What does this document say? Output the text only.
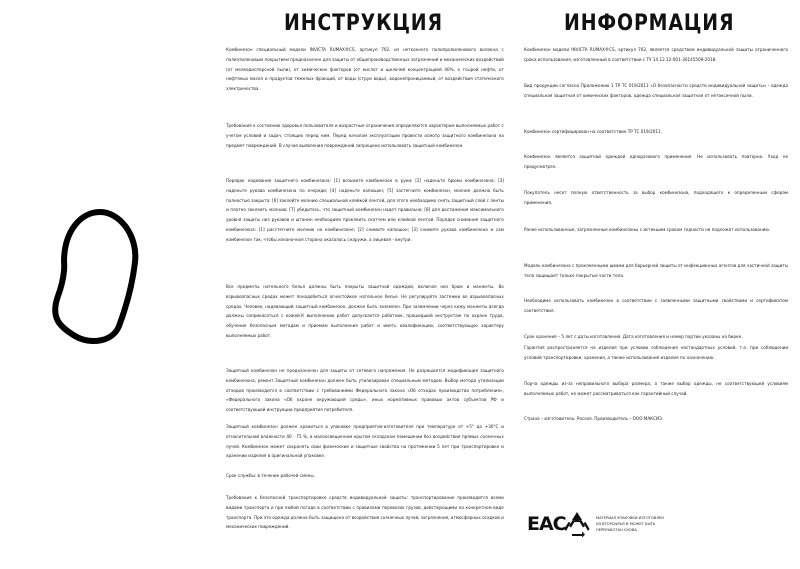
ИНСТРУКЦИЯ

Комбинезон специальный модели INVICTA RUMAX®CS, артикул 702, из нетканного полипропиленового волокна с полиэтиленовым покрытием предназначен для защиты от общепроизводственных загрязнений и механических воздействий (от мелкодисперсной пыли), от химических факторов (от кислот и щелочей концентрацией 40%, о тсырой нефти, от нефтяных масел и продуктов тяжелых фракций, от воды (струи воды), водонепроницаемый, от воздействия статического электричества.

Требования к состоянию здоровья пользователя и возрастные ограничения определяются характером выполняемых работ с учетом условий и задач, стоящих перед ним. Перед началом эксплуатации провести осмотр защитного комбинезона на предмет повреждений. В случае выявления повреждений запрещено использовать защитный комбинезон.

Порядок надевания защитного комбинезона: [1] возьмите комбинезон в руки; [2] наденьте брюки комбинезона; [3] наденьте рукава комбинезона по очереди; [4] наденьте капюшон; [5] застегните комбинезон, молния должна быть полностью закрыта; [6] заклейте молнию специальной клейкой лентой, для этого необходимо снять защитный слой с ленты и плотно заклеить молнию; [7] убедитесь, что защитный комбинезон надет правильно; [8] для достижения максимального уровня защиты низ рукавов и штанин необходимо проклеить скотчем или клейкой лентой. Порядок снимания защитного комбинезона: [1] расстегните молнию на комбинезоне; [2] снимите капюшон; [3] снимите рукава комбинезона и сам комбинезон так, чтобы изнаночная сторона оказалась снаружи, а лицевая - внутри.

Все предметы нательного белья должны быть покрыты защитной одеждой, включая низ брюк и манжеты. Во взрывоопасных средах может понадобиться огнестойкое нательное белье. Не регулируйте застежки во взрывоопасных средах. Человек, надевающий защитный комбинезон, должен быть заземлен. При заземлении через кожу манжеты всегда должны соприкасаться с кожей.К выполнению работ допускается работник, прошедший инструктаж по охране труда, обучение безопасным методам и приемам выполнения работ и иметь квалификацию, соответствующую характеру выполняемых работ.

Защитный комбинезон не предназначен для защиты от сетевого напряжения. Не разрешается модификация защитного комбинезона, ремонт.Защитный комбинезон должен быть утилизирован специальным методом. Выбор метода утилизации отходов производится в соответствии с требованиями Федерального закона «Об отходах производства потребления», «Федерального закона «Об охране окружающей среды», иных нормативных правовых актов субъектов РФ и соответствующей инструкции предприятия потребителя.

Защитный комбинезон должен храниться в упаковке предприятия-изготовителя при температуре от +5° до +30°С и относительной влажности 40 - 75 %, в малоосвещенном крытом складском помещении без воздействия прямых солнечных лучей. Комбинезон может сохранять свои физические и защитные свойства на протяжении 5 лет при транспортировке и хранении изделия в оригинальной упаковке.

Срок службы: в течение рабочей смены.

Требования к безопасной транспортировке средств индивидуальной защиты: транспортирование производится всеми видами транспорта и при любой погоде в соответствии с правилами перевозок грузов, действующими на конкретном виде транспорта. При это одежда должна быть защищена от воздействия солнечных лучей, загрязнения, атмосферных осадков и механических повреждений.

ИНФОРМАЦИЯ

Комбинезон модели INVICTA RUMAX®CS, артикул 702, является средством индивидуальной защиты ограниченного срока использования, изготовленный в соответствии с ТУ 14.12.12-001-30145509-2018.

Вид продукции согласно Приложению 1 ТР ТС 019/2011 «О безопасности средств индивидуальной защиты» - одежда специальная защитная от химических факторов, одежда специальная защитная от нетоксичной пыли.

Комбинезон сертифицирован на соответствие ТР ТС 019/2011.

Комбинезон является защитной одеждой одноразового применения. Не использовать повторно. Уход не предусмотрен.

Покупатель несет полную ответственность за выбор комбинезона, подходящего к определенным сферам применения.

Ранее использованные, загрязненные комбинезоны с истекшим сроком годности не подлежат использованию.

Модель комбинезона с проклеенными швами для барьерной защиты от инфекционных агентов для частичной защиты тела защищает только покрытые части тела.

Необходимо использовать комбинезон в соответствии с заявленными защитными свойствами и сертификатом соответствия.

Срок хранения – 5 лет с даты изготовления. Дата изготовления и номер партии указаны на бирке.

Гарантия распространяется на изделия при условии соблюдения нестандартных условий, т.е. при соблюдении условий транспортировки, хранения, а также использования изделия по назначению.

Порча одежды из-за неправильного выбора размера, а также выбор одежды, не соответствующей условиям выполняемых работ, не может рассматриваться как гарантийный случай.

Страна – изготовитель: Россия. Производитель – ООО МАКСИЗ.

ЕАС	МАТЕРИАЛ УПАКОВКИ ИЗГОТОВЛЕН ИЗ ВТОРСЫРЬЯ И МОЖЕТ БЫТЬ ПЕРЕРАБОТАН СНОВА
